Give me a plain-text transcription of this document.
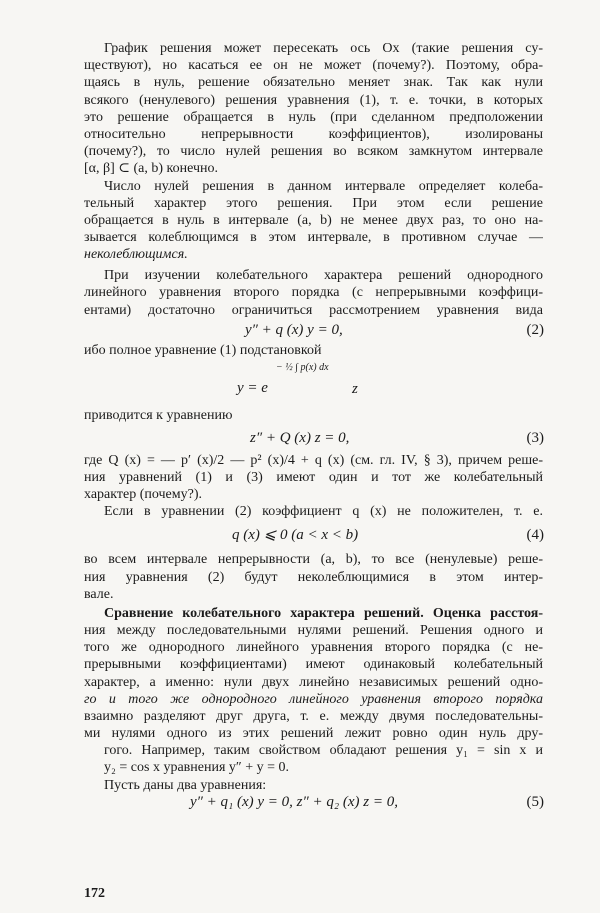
График решения может пересекать ось Ox (такие решения су-
ществуют), но касаться ее он не может (почему?). Поэтому, обра-
щаясь в нуль, решение обязательно меняет знак. Так как нули
всякого (ненулевого) решения уравнения (1), т. е. точки, в которых
это решение обращается в нуль (при сделанном предположении
относительно непрерывности коэффициентов), изолированы
(почему?), то число нулей решения во всяком замкнутом интервале
[α, β] ⊂ (a, b) конечно.
Число нулей решения в данном интервале определяет колеба-
тельный характер этого решения. При этом если решение
обращается в нуль в интервале (a, b) не менее двух раз, то оно на-
зывается колеблющимся в этом интервале, в противном случае —
неколеблющимся.
При изучении колебательного характера решений однородного
линейного уравнения второго порядка (с непрерывными коэффици-
ентами) достаточно ограничиться рассмотрением уравнения вида
y″ + q (x) y = 0,	(2)
ибо полное уравнение (1) подстановкой
y = e
− ½ ∫ p(x) dx
z
приводится к уравнению
z″ + Q (x) z = 0,	(3)
где Q (x) = — p′ (x)/2 — p² (x)/4 + q (x) (см. гл. IV, § 3), причем реше-
ния уравнений (1) и (3) имеют один и тот же колебательный
характер (почему?).
Если в уравнении (2) коэффициент q (x) не положителен, т. е.
q (x) ⩽ 0 (a < x < b)	(4)
во всем интервале непрерывности (a, b), то все (ненулевые) реше-
ния уравнения (2) будут неколеблющимися в этом интер-
вале.
Сравнение колебательного характера решений. Оценка расстоя-
ния между последовательными нулями решений. Решения одного и
того же однородного линейного уравнения второго порядка (с не-
прерывными коэффициентами) имеют одинаковый колебательный
характер, а именно: нули двух линейно независимых решений одно-
го и того же однородного линейного уравнения второго порядка
взаимно разделяют друг друга, т. е. между двумя последовательны-
ми нулями одного из этих решений лежит ровно один нуль дру-
гого. Например, таким свойством обладают решения y₁ = sin x и
y₂ = cos x уравнения y″ + y = 0.
Пусть даны два уравнения:
y″ + q₁ (x) y = 0, z″ + q₂ (x) z = 0,	(5)
172
